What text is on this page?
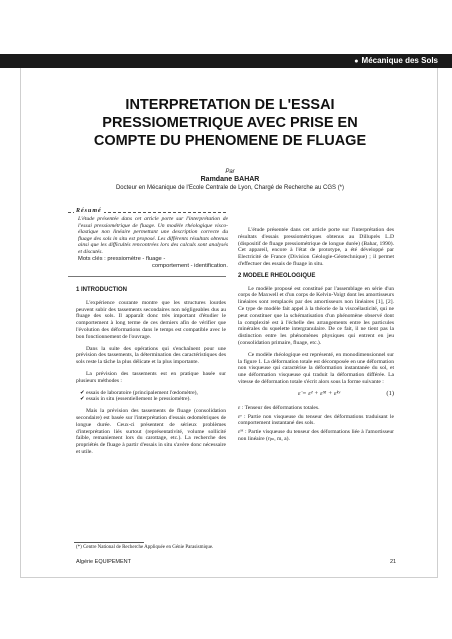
● Mécanique des Sols
INTERPRETATION DE L'ESSAI
PRESSIOMETRIQUE AVEC PRISE EN
COMPTE DU PHENOMENE DE FLUAGE
Par
Ramdane BAHAR
Docteur en Mécanique de l'Ecole Centrale de Lyon, Chargé de Recherche au CGS (*)
Résumé
L'étude présentée dans cet article porte sur l'interprétation de l'essai pressiométrique de fluage. Un modèle rhéologique visco-élastique non linéaire permettant une description correcte du fluage des sols in situ est proposé. Les différents résultats obtenus ainsi que les difficultés rencontrées lors des calculs sont analysés et discutés.
Mots clés : pressiomètre - fluage -
comportement - identification.
1 INTRODUCTION

L'expérience courante montre que les structures lourdes peuvent subir des tassements secondaires non négligeables dus au fluage des sols. Il apparaît donc très important d'étudier le comportement à long terme de ces derniers afin de vérifier que l'évolution des déformations dans le temps est compatible avec le bon fonctionnement de l'ouvrage.

Dans la suite des opérations qui s'enchaînent pour une prévision des tassements, la détermination des caractéristiques des sols reste la tâche la plus délicate et la plus importante.

La prévision des tassements est en pratique basée sur plusieurs méthodes :

✔ essais de laboratoire (principalement l'œdomètre),
✔ essais in situ (essentiellement le pressiomètre).

Mais la prévision des tassements de fluage (consolidation secondaire) est basée sur l'interprétation d'essais œdométriques de longue durée. Ceux-ci présentent de sérieux problèmes d'interprétation liés surtout (représentativité, volume sollicité faible, remaniement lors du carottage, etc.). La recherche des propriétés de fluage à partir d'essais in situ s'avère donc nécessaire et utile.

L'étude présentée dans cet article porte sur l'interprétation des résultats d'essais pressiométriques obtenus au Dilluprès L.D (dispositif de fluage pressiométrique de longue durée) (Bahar, 1990). Cet appareil, encore à l'état de prototype, a été développé par Electricité de France (Division Géologie-Géotechnique) ; il permet d'effectuer des essais de fluage in situ.

2 MODELE RHEOLOGIQUE

Le modèle proposé est constitué par l'assemblage en série d'un corps de Maxwell et d'un corps de Kelvin-Voigt dont les amortisseurs linéaires sont remplacés par des amortisseurs non linéaires [1], [2]. Ce type de modèle fait appel à la théorie de la viscoélasticité, qui ne peut constituer que la schématisation d'un phénomène observé dont la complexité est à l'échelle des arrangements entre les particules minérales du squelette intergranulaire. De ce fait, il ne tient pas la distinction entre les phénomènes physiques qui entrent en jeu (consolidation primaire, fluage, etc.).

Ce modèle rhéologique est représenté, en monodimensionnel sur la figure 1. La déformation totale est décomposée en une déformation non visqueuse qui caractérise la déformation instantanée du sol, et une déformation visqueuse qui traduit la déformation différée. La vitesse de déformation totale s'écrit alors sous la forme suivante :

ε̇ = ε̇ᵉ + ε̇ᴹ + ε̇ᵏᵛ	(1)
ε : Tenseur des déformations totales.
εᵉ : Partie non visqueuse du tenseur des déformations traduisant le comportement instantané des sols.
εᴹ : Partie visqueuse du tenseur des déformations liée à l'amortisseur non linéaire (ηₘ, m, a).
(*) Centre National de Recherche Appliquée en Génie Parasismique.
Algérie EQUIPEMENT	21
